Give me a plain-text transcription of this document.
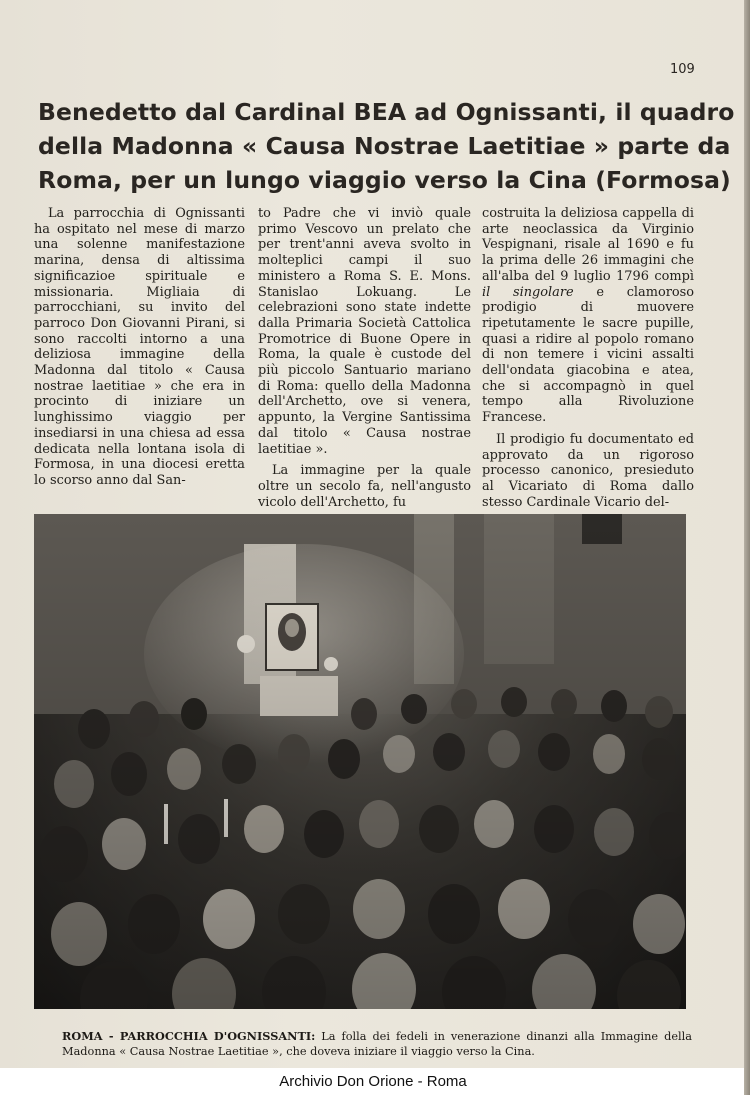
109
Benedetto dal Cardinal BEA ad Ognissanti, il quadro
della Madonna « Causa Nostrae Laetitiae » parte da
Roma, per un lungo viaggio verso la Cina (Formosa)

La parrocchia di Ognissanti ha ospitato nel mese di marzo una solenne manifestazione marina, densa di altissima significazioe spirituale e missionaria. Migliaia di parrocchiani, su invito del parroco Don Giovanni Pirani, si sono raccolti intorno a una deliziosa immagine della Madonna dal titolo « Causa nostrae laetitiae » che era in procinto di iniziare un lunghissimo viaggio per insediarsi in una chiesa ad essa dedicata nella lontana isola di Formosa, in una diocesi eretta lo scorso anno dal San-

to Padre che vi inviò quale primo Vescovo un prelato che per trent'anni aveva svolto in molteplici campi il suo ministero a Roma S. E. Mons. Stanislao Lokuang. Le celebrazioni sono state indette dalla Primaria Società Cattolica Promotrice di Buone Opere in Roma, la quale è custode del più piccolo Santuario mariano di Roma: quello della Madonna dell'Archetto, ove si venera, appunto, la Vergine Santissima dal titolo « Causa nostrae laetitiae ».

La immagine per la quale oltre un secolo fa, nell'angusto vicolo dell'Archetto, fu

costruita la deliziosa cappella di arte neoclassica da Virginio Vespignani, risale al 1690 e fu la prima delle 26 immagini che all'alba del 9 luglio 1796 compì il singolare e clamoroso prodigio di muovere ripetutamente le sacre pupille, quasi a ridire al popolo romano di non temere i vicini assalti dell'ondata giacobina e atea, che si accompagnò in quel tempo alla Rivoluzione Francese.

Il prodigio fu documentato ed approvato da un rigoroso processo canonico, presieduto al Vicariato di Roma dallo stesso Cardinale Vicario del-

ROMA - PARROCCHIA D'OGNISSANTI: La folla dei fedeli in venerazione dinanzi alla Immagine della Madonna « Causa Nostrae Laetitiae », che doveva iniziare il viaggio verso la Cina.

Archivio Don Orione - Roma
